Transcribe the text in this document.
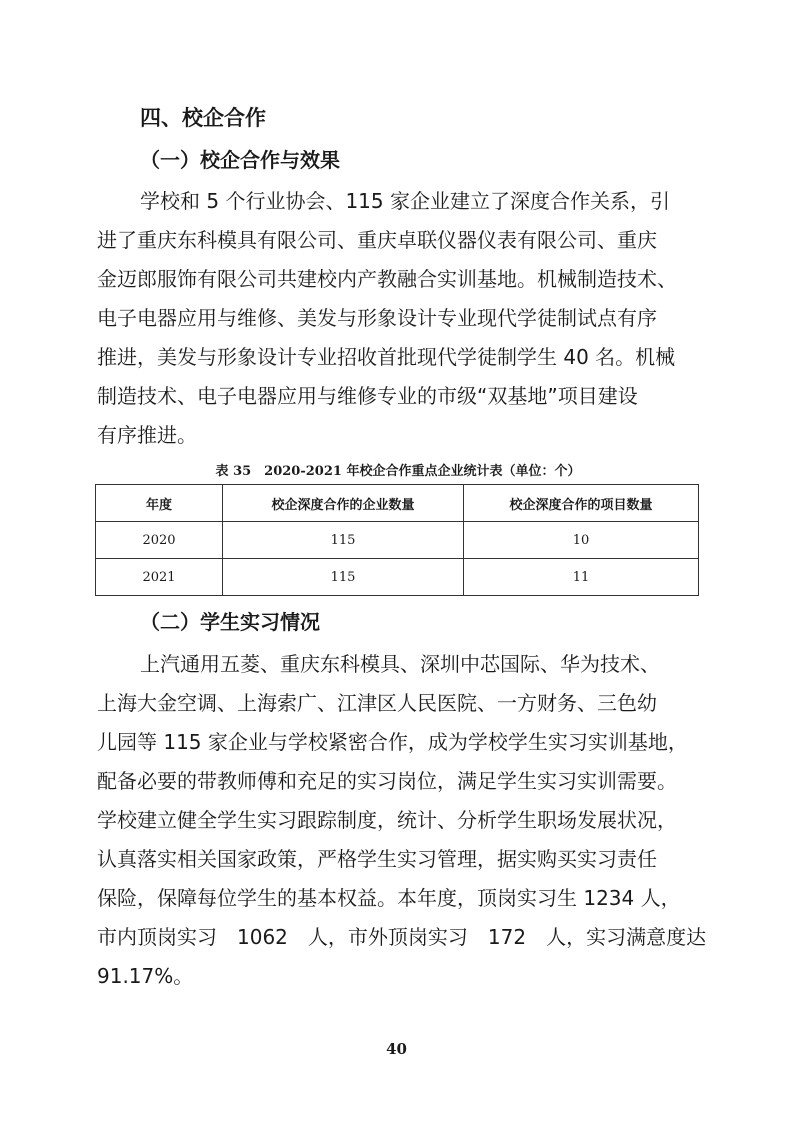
四、校企合作
（一）校企合作与效果
学校和 5 个行业协会、115 家企业建立了深度合作关系，引
进了重庆东科模具有限公司、重庆卓联仪器仪表有限公司、重庆
金迈郎服饰有限公司共建校内产教融合实训基地。机械制造技术、
电子电器应用与维修、美发与形象设计专业现代学徒制试点有序
推进，美发与形象设计专业招收首批现代学徒制学生 40 名。机械
制造技术、电子电器应用与维修专业的市级“双基地”项目建设
有序推进。
表 35　2020-2021 年校企合作重点企业统计表（单位：个）
年度	校企深度合作的企业数量	校企深度合作的项目数量
2020	115	10
2021	115	11
（二）学生实习情况
上汽通用五菱、重庆东科模具、深圳中芯国际、华为技术、
上海大金空调、上海索广、江津区人民医院、一方财务、三色幼
儿园等 115 家企业与学校紧密合作，成为学校学生实习实训基地，
配备必要的带教师傅和充足的实习岗位，满足学生实习实训需要。
学校建立健全学生实习跟踪制度，统计、分析学生职场发展状况，
认真落实相关国家政策，严格学生实习管理，据实购买实习责任
保险，保障每位学生的基本权益。本年度，顶岗实习生 1234 人，
市内顶岗实习　1062　人，市外顶岗实习　172　人，实习满意度达
91.17%。
40
